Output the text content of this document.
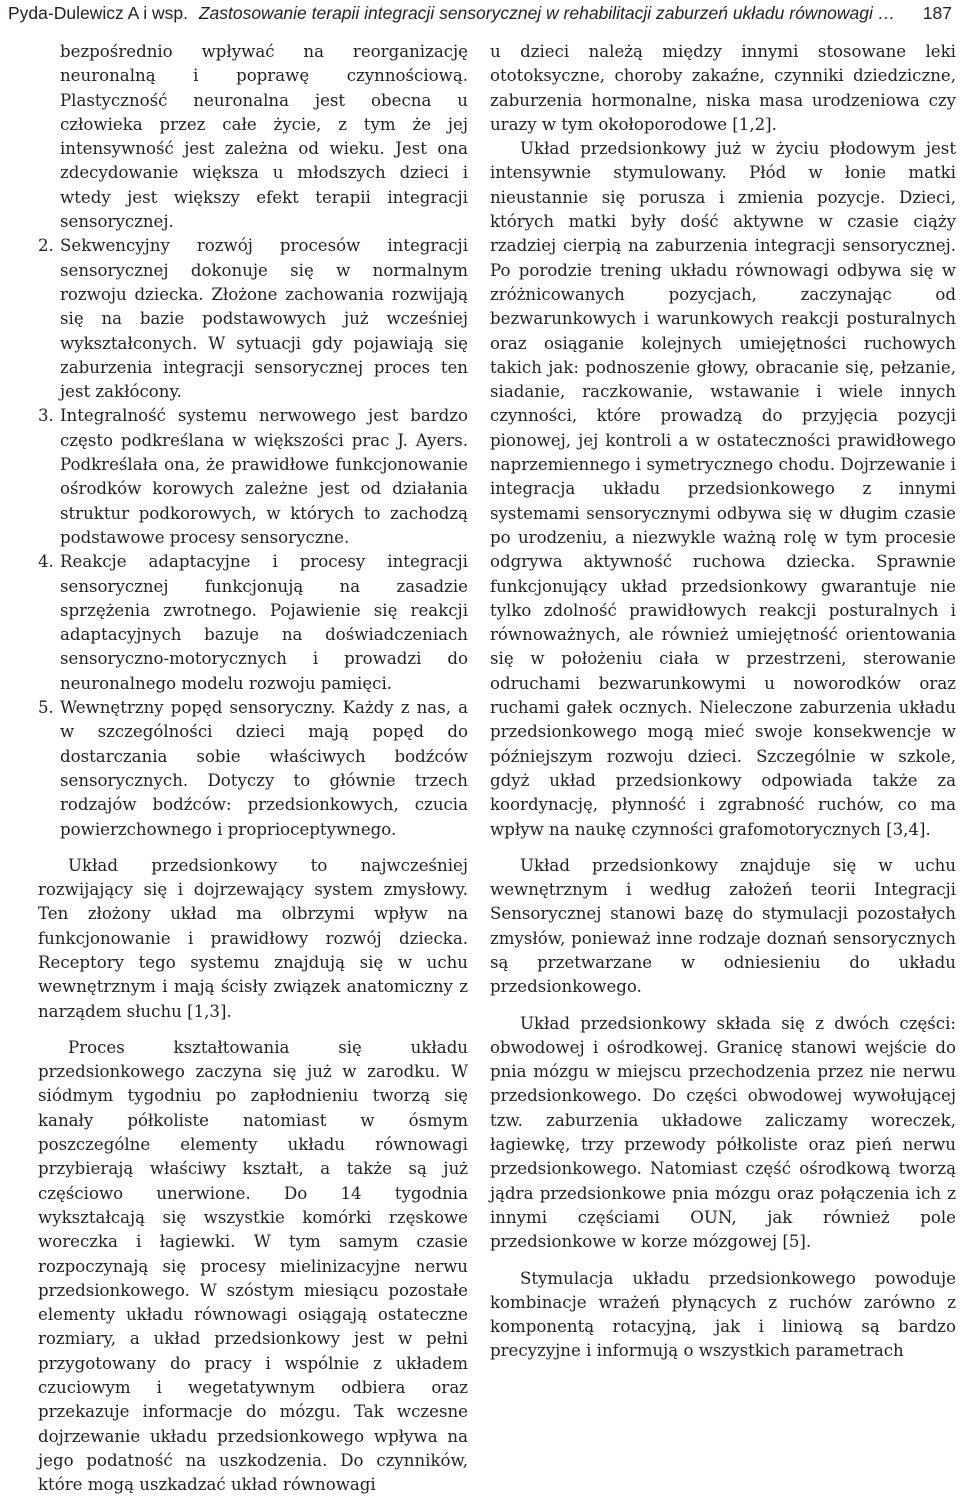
Pyda-Dulewicz A i wsp. Zastosowanie terapii integracji sensorycznej w rehabilitacji zaburzeń układu równowagi … 187

bezpośrednio wpływać na reorganizację neuronalną i poprawę czynnościową. Plastyczność neuronalna jest obecna u człowieka przez całe życie, z tym że jej intensywność jest zależna od wieku. Jest ona zdecydowanie większa u młodszych dzieci i wtedy jest większy efekt terapii integracji sensorycznej.

2. Sekwencyjny rozwój procesów integracji sensorycznej dokonuje się w normalnym rozwoju dziecka. Złożone zachowania rozwijają się na bazie podstawowych już wcześniej wykształconych. W sytuacji gdy pojawiają się zaburzenia integracji sensorycznej proces ten jest zakłócony.
3. Integralność systemu nerwowego jest bardzo często podkreślana w większości prac J. Ayers. Podkreślała ona, że prawidłowe funkcjonowanie ośrodków korowych zależne jest od działania struktur podkorowych, w których to zachodzą podstawowe procesy sensoryczne.
4. Reakcje adaptacyjne i procesy integracji sensorycznej funkcjonują na zasadzie sprzężenia zwrotnego. Pojawienie się reakcji adaptacyjnych bazuje na doświadczeniach sensoryczno-motorycznych i prowadzi do neuronalnego modelu rozwoju pamięci.
5. Wewnętrzny popęd sensoryczny. Każdy z nas, a w szczególności dzieci mają popęd do dostarczania sobie właściwych bodźców sensorycznych. Dotyczy to głównie trzech rodzajów bodźców: przedsionkowych, czucia powierzchownego i proprioceptywnego.

Układ przedsionkowy to najwcześniej rozwijający się i dojrzewający system zmysłowy. Ten złożony układ ma olbrzymi wpływ na funkcjonowanie i prawidłowy rozwój dziecka. Receptory tego systemu znajdują się w uchu wewnętrznym i mają ścisły związek anatomiczny z narządem słuchu [1,3].

Proces kształtowania się układu przedsionkowego zaczyna się już w zarodku. W siódmym tygodniu po zapłodnieniu tworzą się kanały półkoliste natomiast w ósmym poszczególne elementy układu równowagi przybierają właściwy kształt, a także są już częściowo unerwione. Do 14 tygodnia wykształcają się wszystkie komórki rzęskowe woreczka i łagiewki. W tym samym czasie rozpoczynają się procesy mielinizacyjne nerwu przedsionkowego. W szóstym miesiącu pozostałe elementy układu równowagi osiągają ostateczne rozmiary, a układ przedsionkowy jest w pełni przygotowany do pracy i wspólnie z układem czuciowym i wegetatywnym odbiera oraz przekazuje informacje do mózgu. Tak wczesne dojrzewanie układu przedsionkowego wpływa na jego podatność na uszkodzenia. Do czynników, które mogą uszkadzać układ równowagi

u dzieci należą między innymi stosowane leki ototoksyczne, choroby zakaźne, czynniki dziedziczne, zaburzenia hormonalne, niska masa urodzeniowa czy urazy w tym okołoporodowe [1,2].

Układ przedsionkowy już w życiu płodowym jest intensywnie stymulowany. Płód w łonie matki nieustannie się porusza i zmienia pozycje. Dzieci, których matki były dość aktywne w czasie ciąży rzadziej cierpią na zaburzenia integracji sensorycznej. Po porodzie trening układu równowagi odbywa się w zróżnicowanych pozycjach, zaczynając od bezwarunkowych i warunkowych reakcji posturalnych oraz osiąganie kolejnych umiejętności ruchowych takich jak: podnoszenie głowy, obracanie się, pełzanie, siadanie, raczkowanie, wstawanie i wiele innych czynności, które prowadzą do przyjęcia pozycji pionowej, jej kontroli a w ostateczności prawidłowego naprzemiennego i symetrycznego chodu. Dojrzewanie i integracja układu przedsionkowego z innymi systemami sensorycznymi odbywa się w długim czasie po urodzeniu, a niezwykle ważną rolę w tym procesie odgrywa aktywność ruchowa dziecka. Sprawnie funkcjonujący układ przedsionkowy gwarantuje nie tylko zdolność prawidłowych reakcji posturalnych i równoważnych, ale również umiejętność orientowania się w położeniu ciała w przestrzeni, sterowanie odruchami bezwarunkowymi u noworodków oraz ruchami gałek ocznych. Nieleczone zaburzenia układu przedsionkowego mogą mieć swoje konsekwencje w późniejszym rozwoju dzieci. Szczególnie w szkole, gdyż układ przedsionkowy odpowiada także za koordynację, płynność i zgrabność ruchów, co ma wpływ na naukę czynności grafomotorycznych [3,4].

Układ przedsionkowy znajduje się w uchu wewnętrznym i według założeń teorii Integracji Sensorycznej stanowi bazę do stymulacji pozostałych zmysłów, ponieważ inne rodzaje doznań sensorycznych są przetwarzane w odniesieniu do układu przedsionkowego.

Układ przedsionkowy składa się z dwóch części: obwodowej i ośrodkowej. Granicę stanowi wejście do pnia mózgu w miejscu przechodzenia przez nie nerwu przedsionkowego. Do części obwodowej wywołującej tzw. zaburzenia układowe zaliczamy woreczek, łagiewkę, trzy przewody półkoliste oraz pień nerwu przedsionkowego. Natomiast część ośrodkową tworzą jądra przedsionkowe pnia mózgu oraz połączenia ich z innymi częściami OUN, jak również pole przedsionkowe w korze mózgowej [5].

Stymulacja układu przedsionkowego powoduje kombinacje wrażeń płynących z ruchów zarówno z komponentą rotacyjną, jak i liniową są bardzo precyzyjne i informują o wszystkich parametrach
